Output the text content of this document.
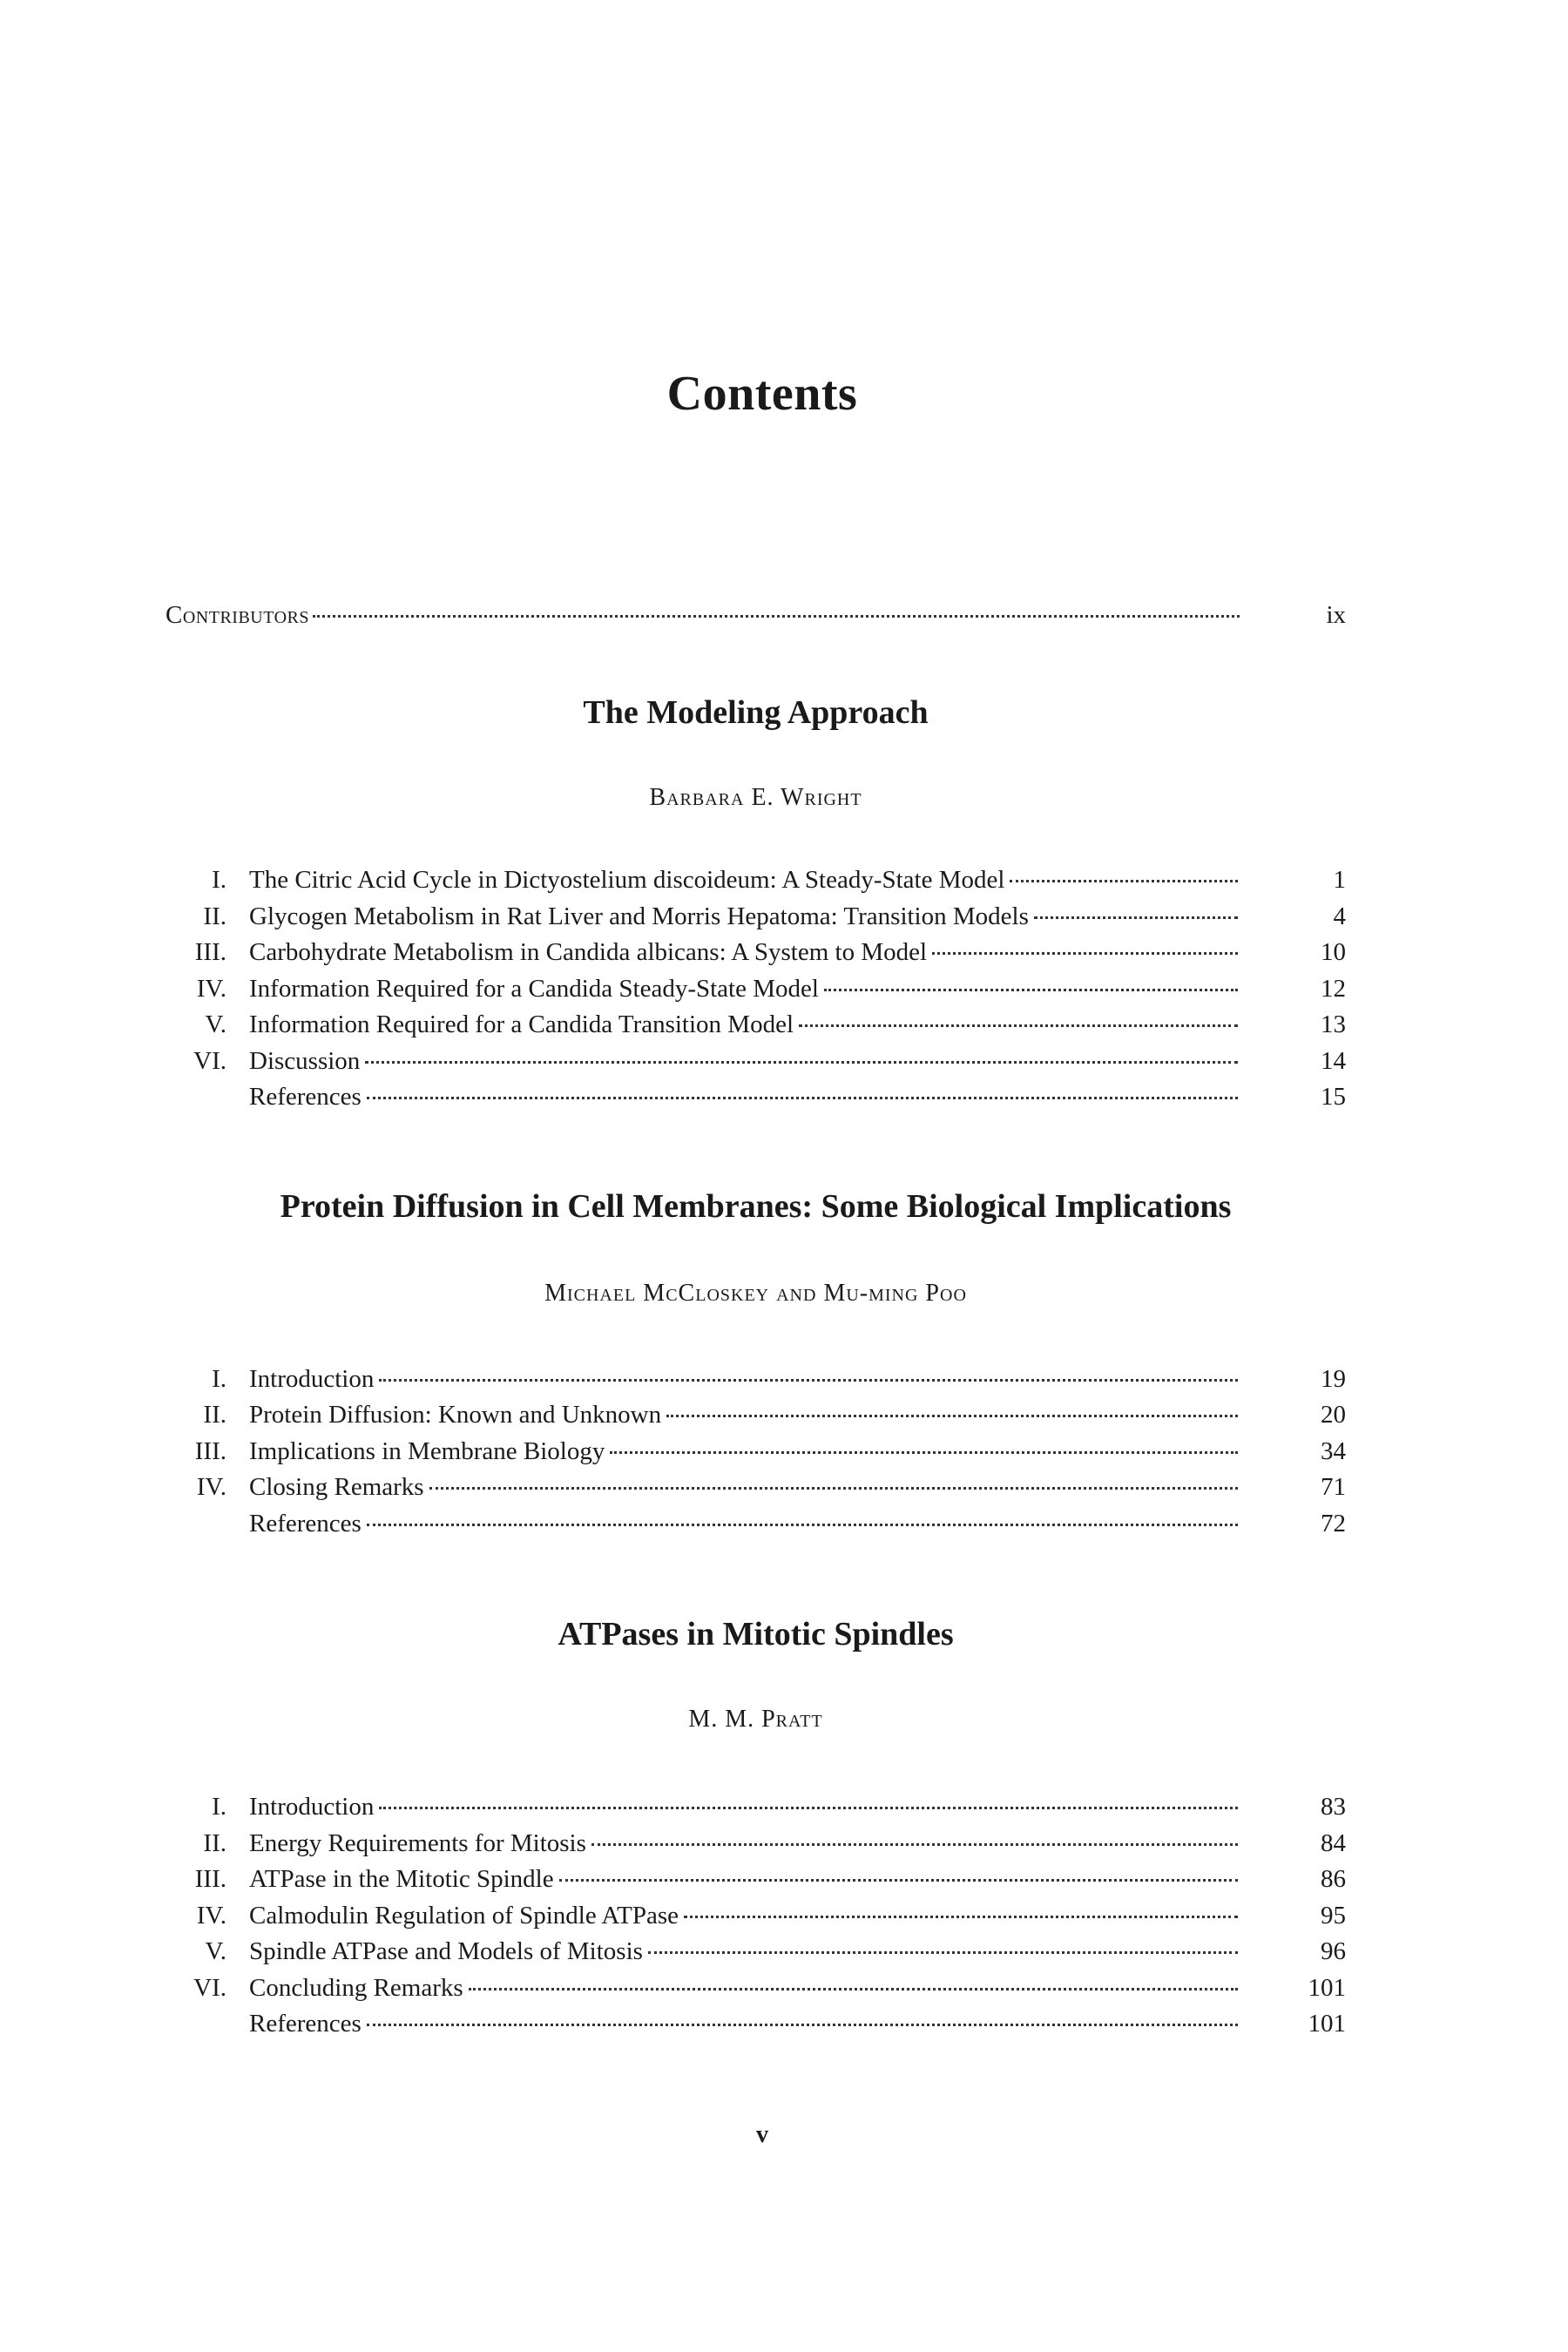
Contents
Contributors	ix
The Modeling Approach
Barbara E. Wright
I. The Citric Acid Cycle in Dictyostelium discoideum: A Steady-State Model	1
II. Glycogen Metabolism in Rat Liver and Morris Hepatoma: Transition Models	4
III. Carbohydrate Metabolism in Candida albicans: A System to Model	10
IV. Information Required for a Candida Steady-State Model	12
V. Information Required for a Candida Transition Model	13
VI. Discussion	14
References	15
Protein Diffusion in Cell Membranes: Some Biological Implications
Michael McCloskey and Mu-ming Poo
I. Introduction	19
II. Protein Diffusion: Known and Unknown	20
III. Implications in Membrane Biology	34
IV. Closing Remarks	71
References	72
ATPases in Mitotic Spindles
M. M. Pratt
I. Introduction	83
II. Energy Requirements for Mitosis	84
III. ATPase in the Mitotic Spindle	86
IV. Calmodulin Regulation of Spindle ATPase	95
V. Spindle ATPase and Models of Mitosis	96
VI. Concluding Remarks	101
References	101
v
